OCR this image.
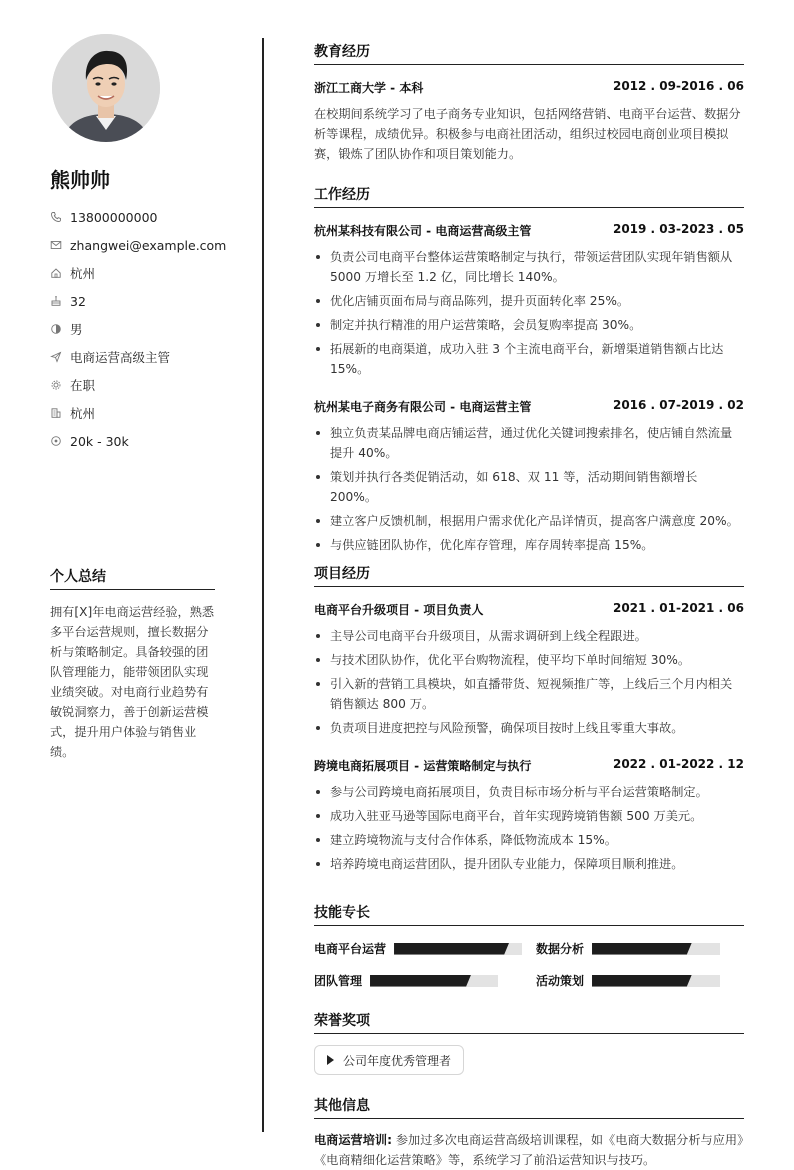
熊帅帅
13800000000
zhangwei@example.com
杭州
32
男
电商运营高级主管
在职
杭州
20k - 30k
个人总结
拥有[X]年电商运营经验，熟悉多平台运营规则，擅长数据分析与策略制定。具备较强的团队管理能力，能带领团队实现业绩突破。对电商行业趋势有敏锐洞察力，善于创新运营模式，提升用户体验与销售业绩。
教育经历
浙江工商大学 - 本科	2012 . 09-2016 . 06
在校期间系统学习了电子商务专业知识，包括网络营销、电商平台运营、数据分析等课程，成绩优异。积极参与电商社团活动，组织过校园电商创业项目模拟赛，锻炼了团队协作和项目策划能力。
工作经历
杭州某科技有限公司 - 电商运营高级主管	2019 . 03-2023 . 05
负责公司电商平台整体运营策略制定与执行，带领运营团队实现年销售额从 5000 万增长至 1.2 亿，同比增长 140%。
优化店铺页面布局与商品陈列，提升页面转化率 25%。
制定并执行精准的用户运营策略，会员复购率提高 30%。
拓展新的电商渠道，成功入驻 3 个主流电商平台，新增渠道销售额占比达 15%。
杭州某电子商务有限公司 - 电商运营主管	2016 . 07-2019 . 02
独立负责某品牌电商店铺运营，通过优化关键词搜索排名，使店铺自然流量提升 40%。
策划并执行各类促销活动，如 618、双 11 等，活动期间销售额增长 200%。
建立客户反馈机制，根据用户需求优化产品详情页，提高客户满意度 20%。
与供应链团队协作，优化库存管理，库存周转率提高 15%。
项目经历
电商平台升级项目 - 项目负责人	2021 . 01-2021 . 06
主导公司电商平台升级项目，从需求调研到上线全程跟进。
与技术团队协作，优化平台购物流程，使平均下单时间缩短 30%。
引入新的营销工具模块，如直播带货、短视频推广等，上线后三个月内相关销售额达 800 万。
负责项目进度把控与风险预警，确保项目按时上线且零重大事故。
跨境电商拓展项目 - 运营策略制定与执行	2022 . 01-2022 . 12
参与公司跨境电商拓展项目，负责目标市场分析与平台运营策略制定。
成功入驻亚马逊等国际电商平台，首年实现跨境销售额 500 万美元。
建立跨境物流与支付合作体系，降低物流成本 15%。
培养跨境电商运营团队，提升团队专业能力，保障项目顺利推进。
技能专长
电商平台运营	数据分析
团队管理	活动策划
荣誉奖项
公司年度优秀管理者
其他信息
电商运营培训: 参加过多次电商运营高级培训课程，如《电商大数据分析与应用》《电商精细化运营策略》等，系统学习了前沿运营知识与技巧。
